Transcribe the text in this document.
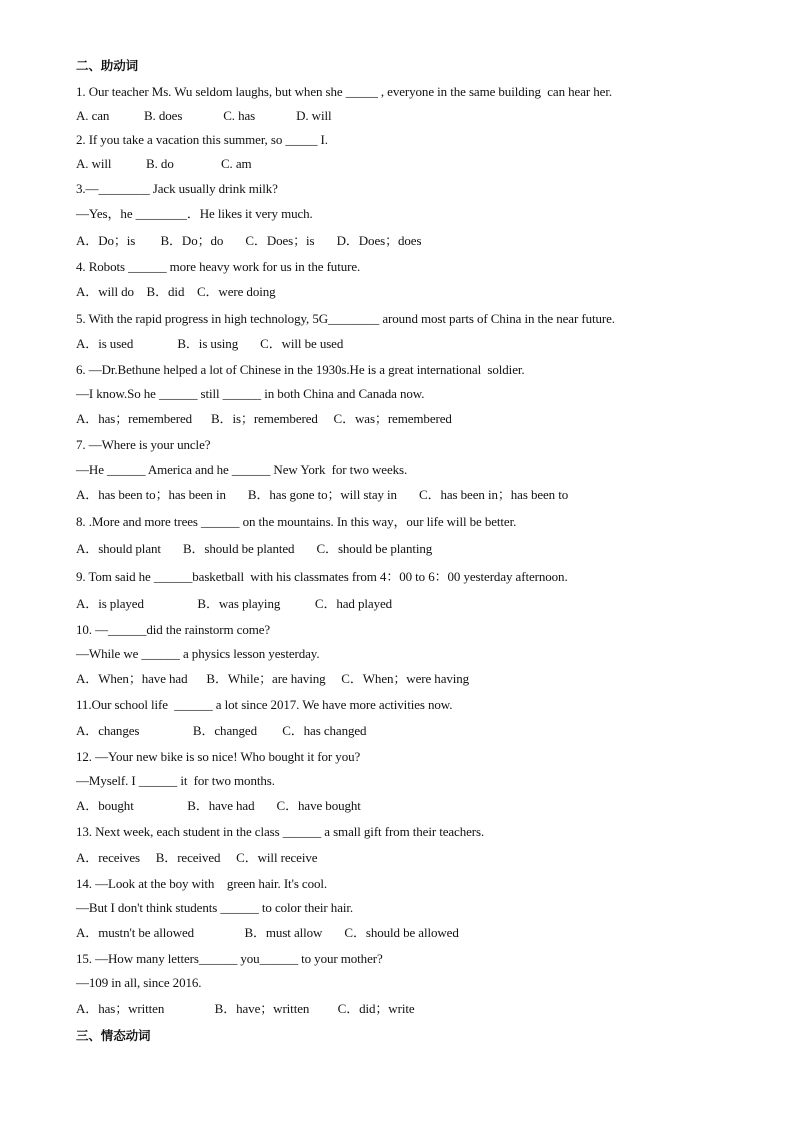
二、助动词
1. Our teacher Ms. Wu seldom laughs, but when she _____ , everyone in the same building  can hear her.
A. can           B. does             C. has             D. will
2. If you take a vacation this summer, so _____ I.
A. will           B. do               C. am
3.—________ Jack usually drink milk?
—Yes，he ________．He likes it very much.
A．Do；is        B．Do；do       C．Does；is       D．Does；does
4. Robots ______ more heavy work for us in the future.
A．will do    B．did    C．were doing
5. With the rapid progress in high technology, 5G________ around most parts of China in the near future.
A．is used              B．is using       C．will be used
6. —Dr.Bethune helped a lot of Chinese in the 1930s.He is a great international  soldier.
—I know.So he ______ still ______ in both China and Canada now.
A．has；remembered      B．is；remembered     C．was；remembered
7. —Where is your uncle?
—He ______ America and he ______ New York  for two weeks.
A．has been to；has been in       B．has gone to；will stay in       C．has been in；has been to
8. .More and more trees ______ on the mountains. In this way，our life will be better.
A．should plant       B．should be planted       C．should be planting
9. Tom said he ______basketball  with his classmates from 4：00 to 6：00 yesterday afternoon.
A．is played                 B．was playing           C．had played
10. —______did the rainstorm come?
—While we ______ a physics lesson yesterday.
A．When；have had      B．While；are having     C．When；were having
11.Our school life  ______ a lot since 2017. We have more activities now.
A．changes                 B．changed        C．has changed
12. —Your new bike is so nice! Who bought it for you?
—Myself. I ______ it  for two months.
A．bought                 B．have had       C．have bought
13. Next week, each student in the class ______ a small gift from their teachers.
A．receives     B．received     C．will receive
14. —Look at the boy with    green hair. It's cool.
—But I don't think students ______ to color their hair.
A．mustn't be allowed                B．must allow       C．should be allowed
15. —How many letters______ you______ to your mother?
—109 in all, since 2016.
A．has；written                B．have；written         C．did；write
三、情态动词
